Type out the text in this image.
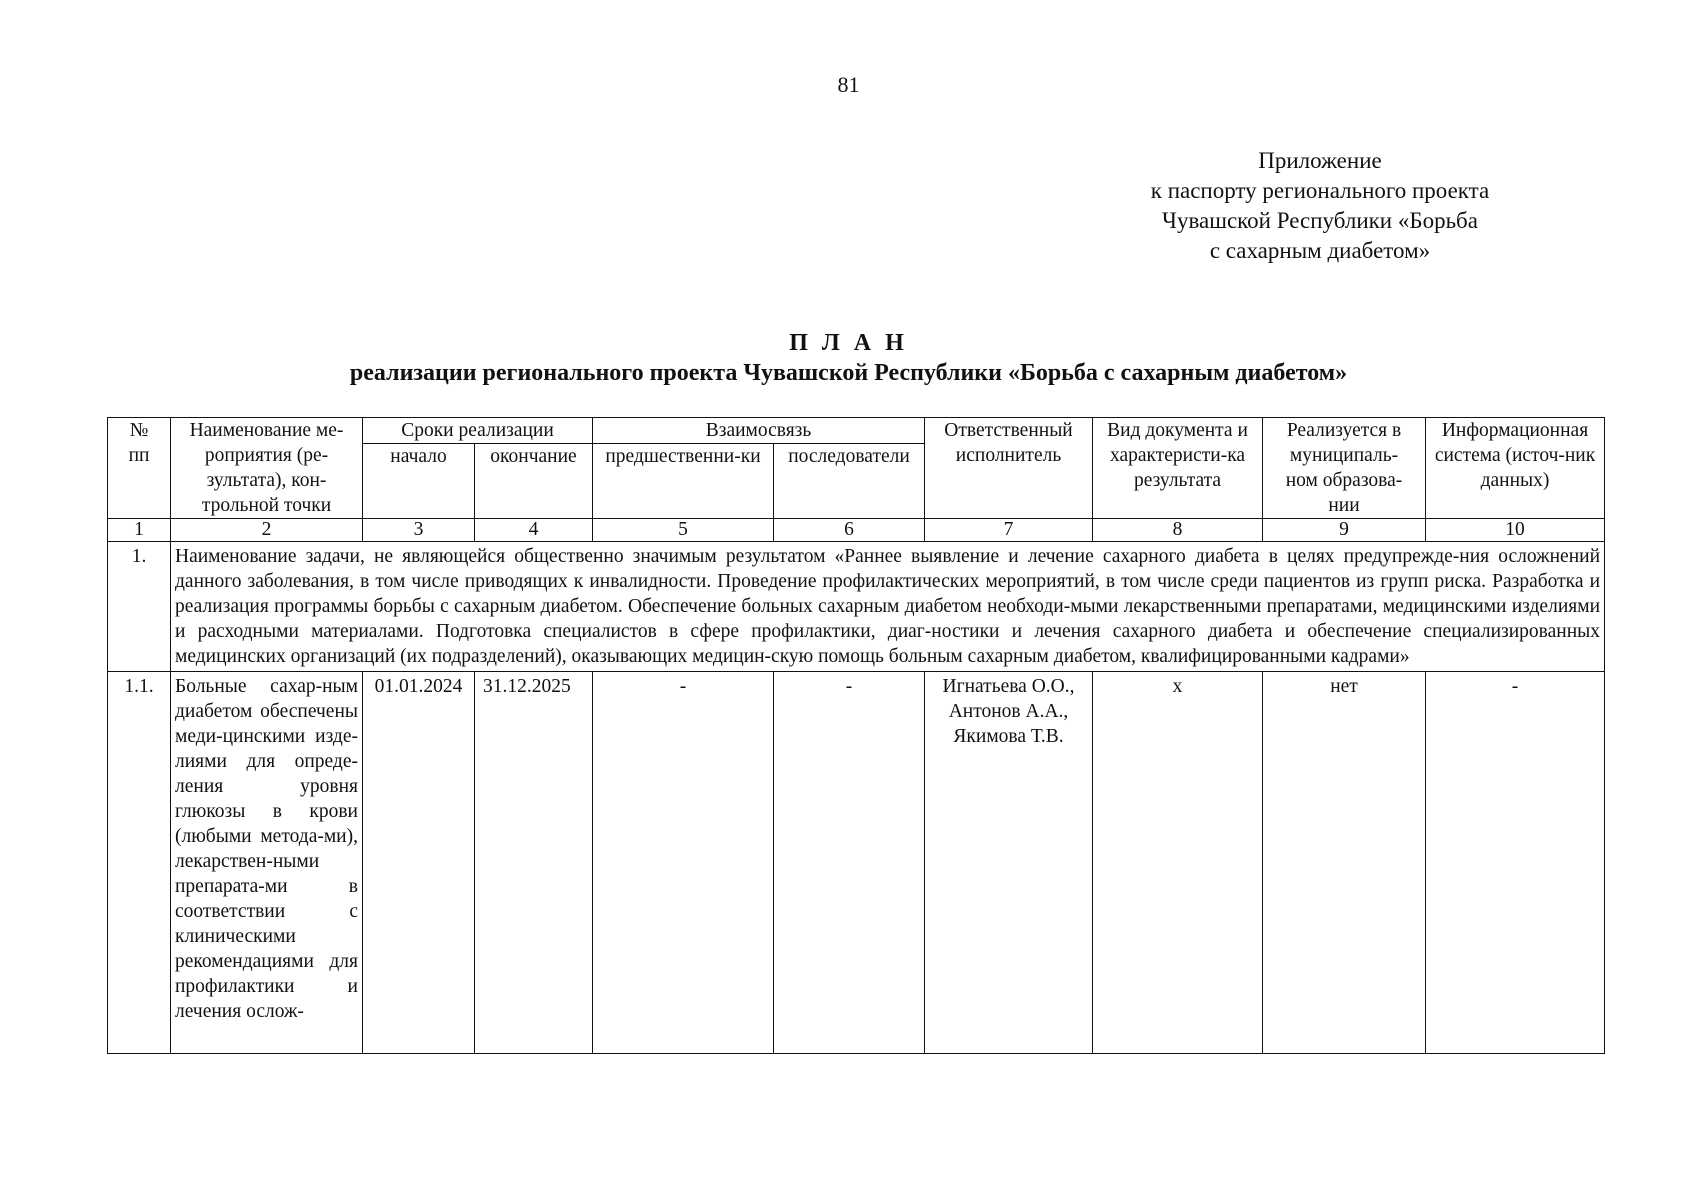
81
Приложение
к паспорту регионального проекта
Чувашской Республики «Борьба
с сахарным диабетом»
П Л А Н
реализации регионального проекта Чувашской Республики «Борьба с сахарным диабетом»
№ пп	Наименование ме-роприятия (ре-зультата), кон-трольной точки	Сроки реализации		Взаимосвязь		Ответственный исполнитель	Вид документа и характеристи-ка результата	Реализуется в муниципаль-ном образова-нии	Информационная система (источ-ник данных)
		начало	окончание	предшественни-ки	последователи				
1	2	3	4	5	6	7	8	9	10
1.	Наименование задачи, не являющейся общественно значимым результатом «Раннее выявление и лечение сахарного диабета в целях предупрежде-ния осложнений данного заболевания, в том числе приводящих к инвалидности. Проведение профилактических мероприятий, в том числе среди пациентов из групп риска. Разработка и реализация программы борьбы с сахарным диабетом. Обеспечение больных сахарным диабетом необходи-мыми лекарственными препаратами, медицинскими изделиями и расходными материалами. Подготовка специалистов в сфере профилактики, диаг-ностики и лечения сахарного диабета и обеспечение специализированных медицинских организаций (их подразделений), оказывающих медицин-скую помощь больным сахарным диабетом, квалифицированными кадрами»								
1.1.	Больные сахар-ным диабетом обеспечены меди-цинскими изде-лиями для опреде-ления уровня глюкозы в крови (любыми метода-ми), лекарствен-ными препарата-ми в соответствии с клиническими рекомендациями для профилактики и лечения ослож-	01.01.2024	31.12.2025	-	-	Игнатьева О.О., Антонов А.А., Якимова Т.В.	х	нет	-
